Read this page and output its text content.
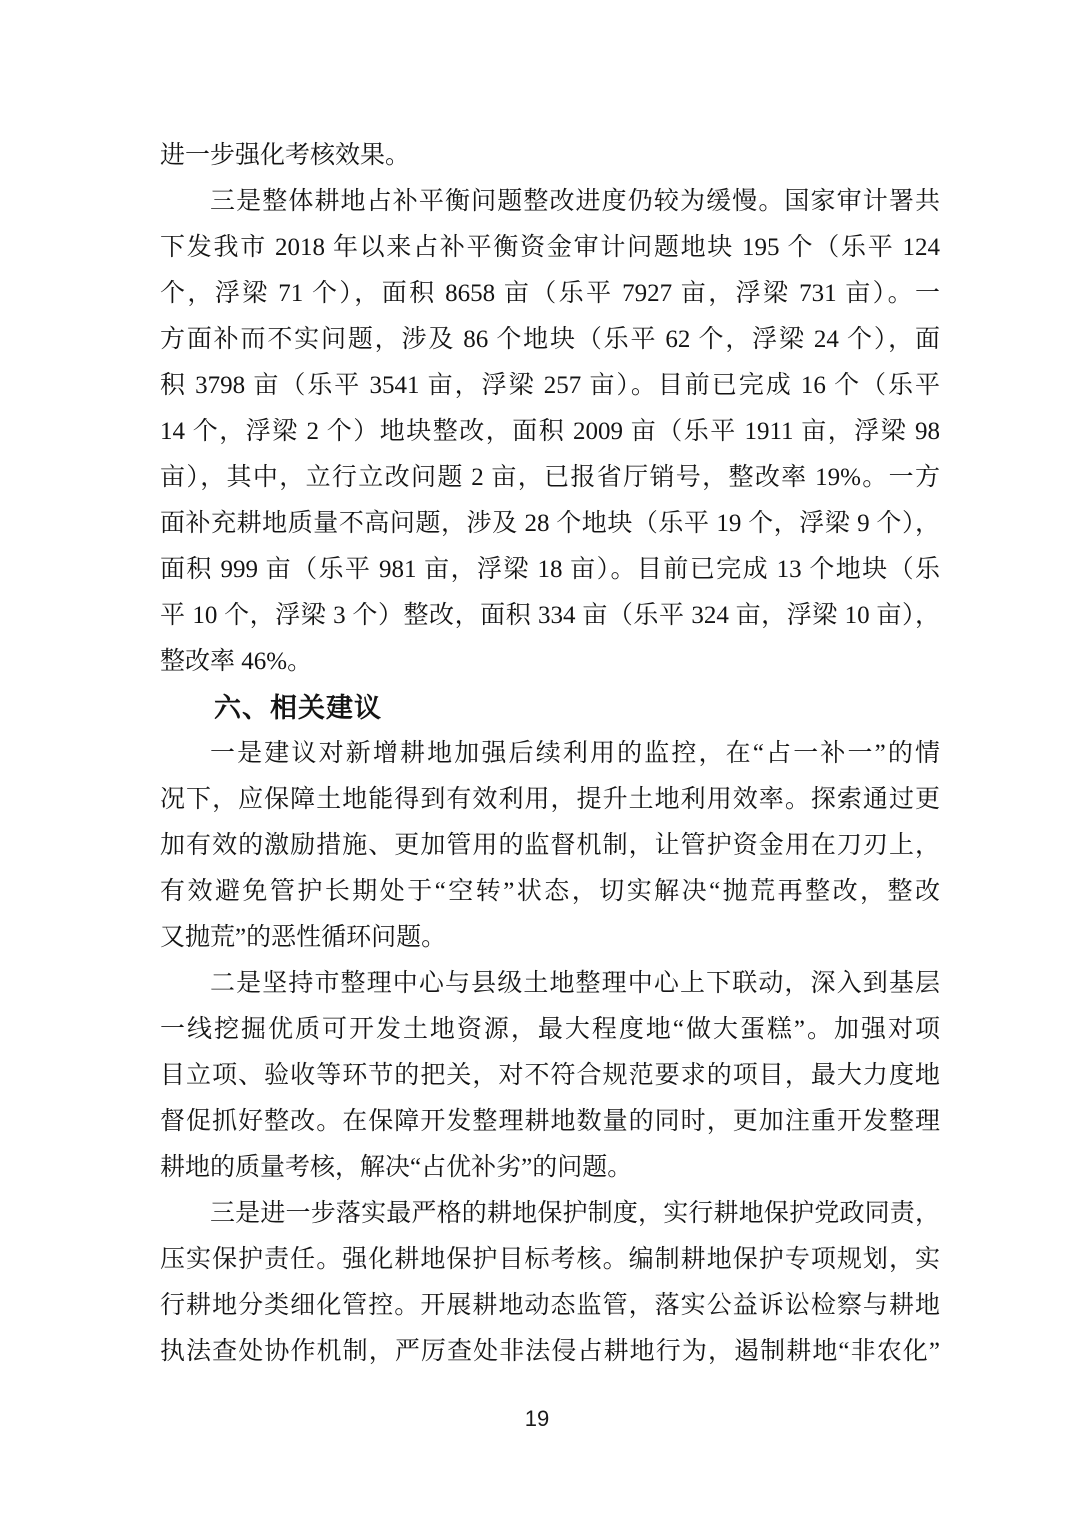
进一步强化考核效果。
三是整体耕地占补平衡问题整改进度仍较为缓慢。国家审计署共
下发我市 2018 年以来占补平衡资金审计问题地块 195 个（乐平 124
个，浮梁 71 个），面积 8658 亩（乐平 7927 亩，浮梁 731 亩）。一
方面补而不实问题，涉及 86 个地块（乐平 62 个，浮梁 24 个），面
积 3798 亩（乐平 3541 亩，浮梁 257 亩）。目前已完成 16 个（乐平
14 个，浮梁 2 个）地块整改，面积 2009 亩（乐平 1911 亩，浮梁 98
亩），其中，立行立改问题 2 亩，已报省厅销号，整改率 19%。一方
面补充耕地质量不高问题，涉及 28 个地块（乐平 19 个，浮梁 9 个），
面积 999 亩（乐平 981 亩，浮梁 18 亩）。目前已完成 13 个地块（乐
平 10 个，浮梁 3 个）整改，面积 334 亩（乐平 324 亩，浮梁 10 亩），
整改率 46%。
六、相关建议
一是建议对新增耕地加强后续利用的监控，在“占一补一”的情
况下，应保障土地能得到有效利用，提升土地利用效率。探索通过更
加有效的激励措施、更加管用的监督机制，让管护资金用在刀刃上，
有效避免管护长期处于“空转”状态，切实解决“抛荒再整改，整改
又抛荒”的恶性循环问题。
二是坚持市整理中心与县级土地整理中心上下联动，深入到基层
一线挖掘优质可开发土地资源，最大程度地“做大蛋糕”。加强对项
目立项、验收等环节的把关，对不符合规范要求的项目，最大力度地
督促抓好整改。在保障开发整理耕地数量的同时，更加注重开发整理
耕地的质量考核，解决“占优补劣”的问题。
三是进一步落实最严格的耕地保护制度，实行耕地保护党政同责，
压实保护责任。强化耕地保护目标考核。编制耕地保护专项规划，实
行耕地分类细化管控。开展耕地动态监管，落实公益诉讼检察与耕地
执法查处协作机制，严厉查处非法侵占耕地行为，遏制耕地“非农化”
19
